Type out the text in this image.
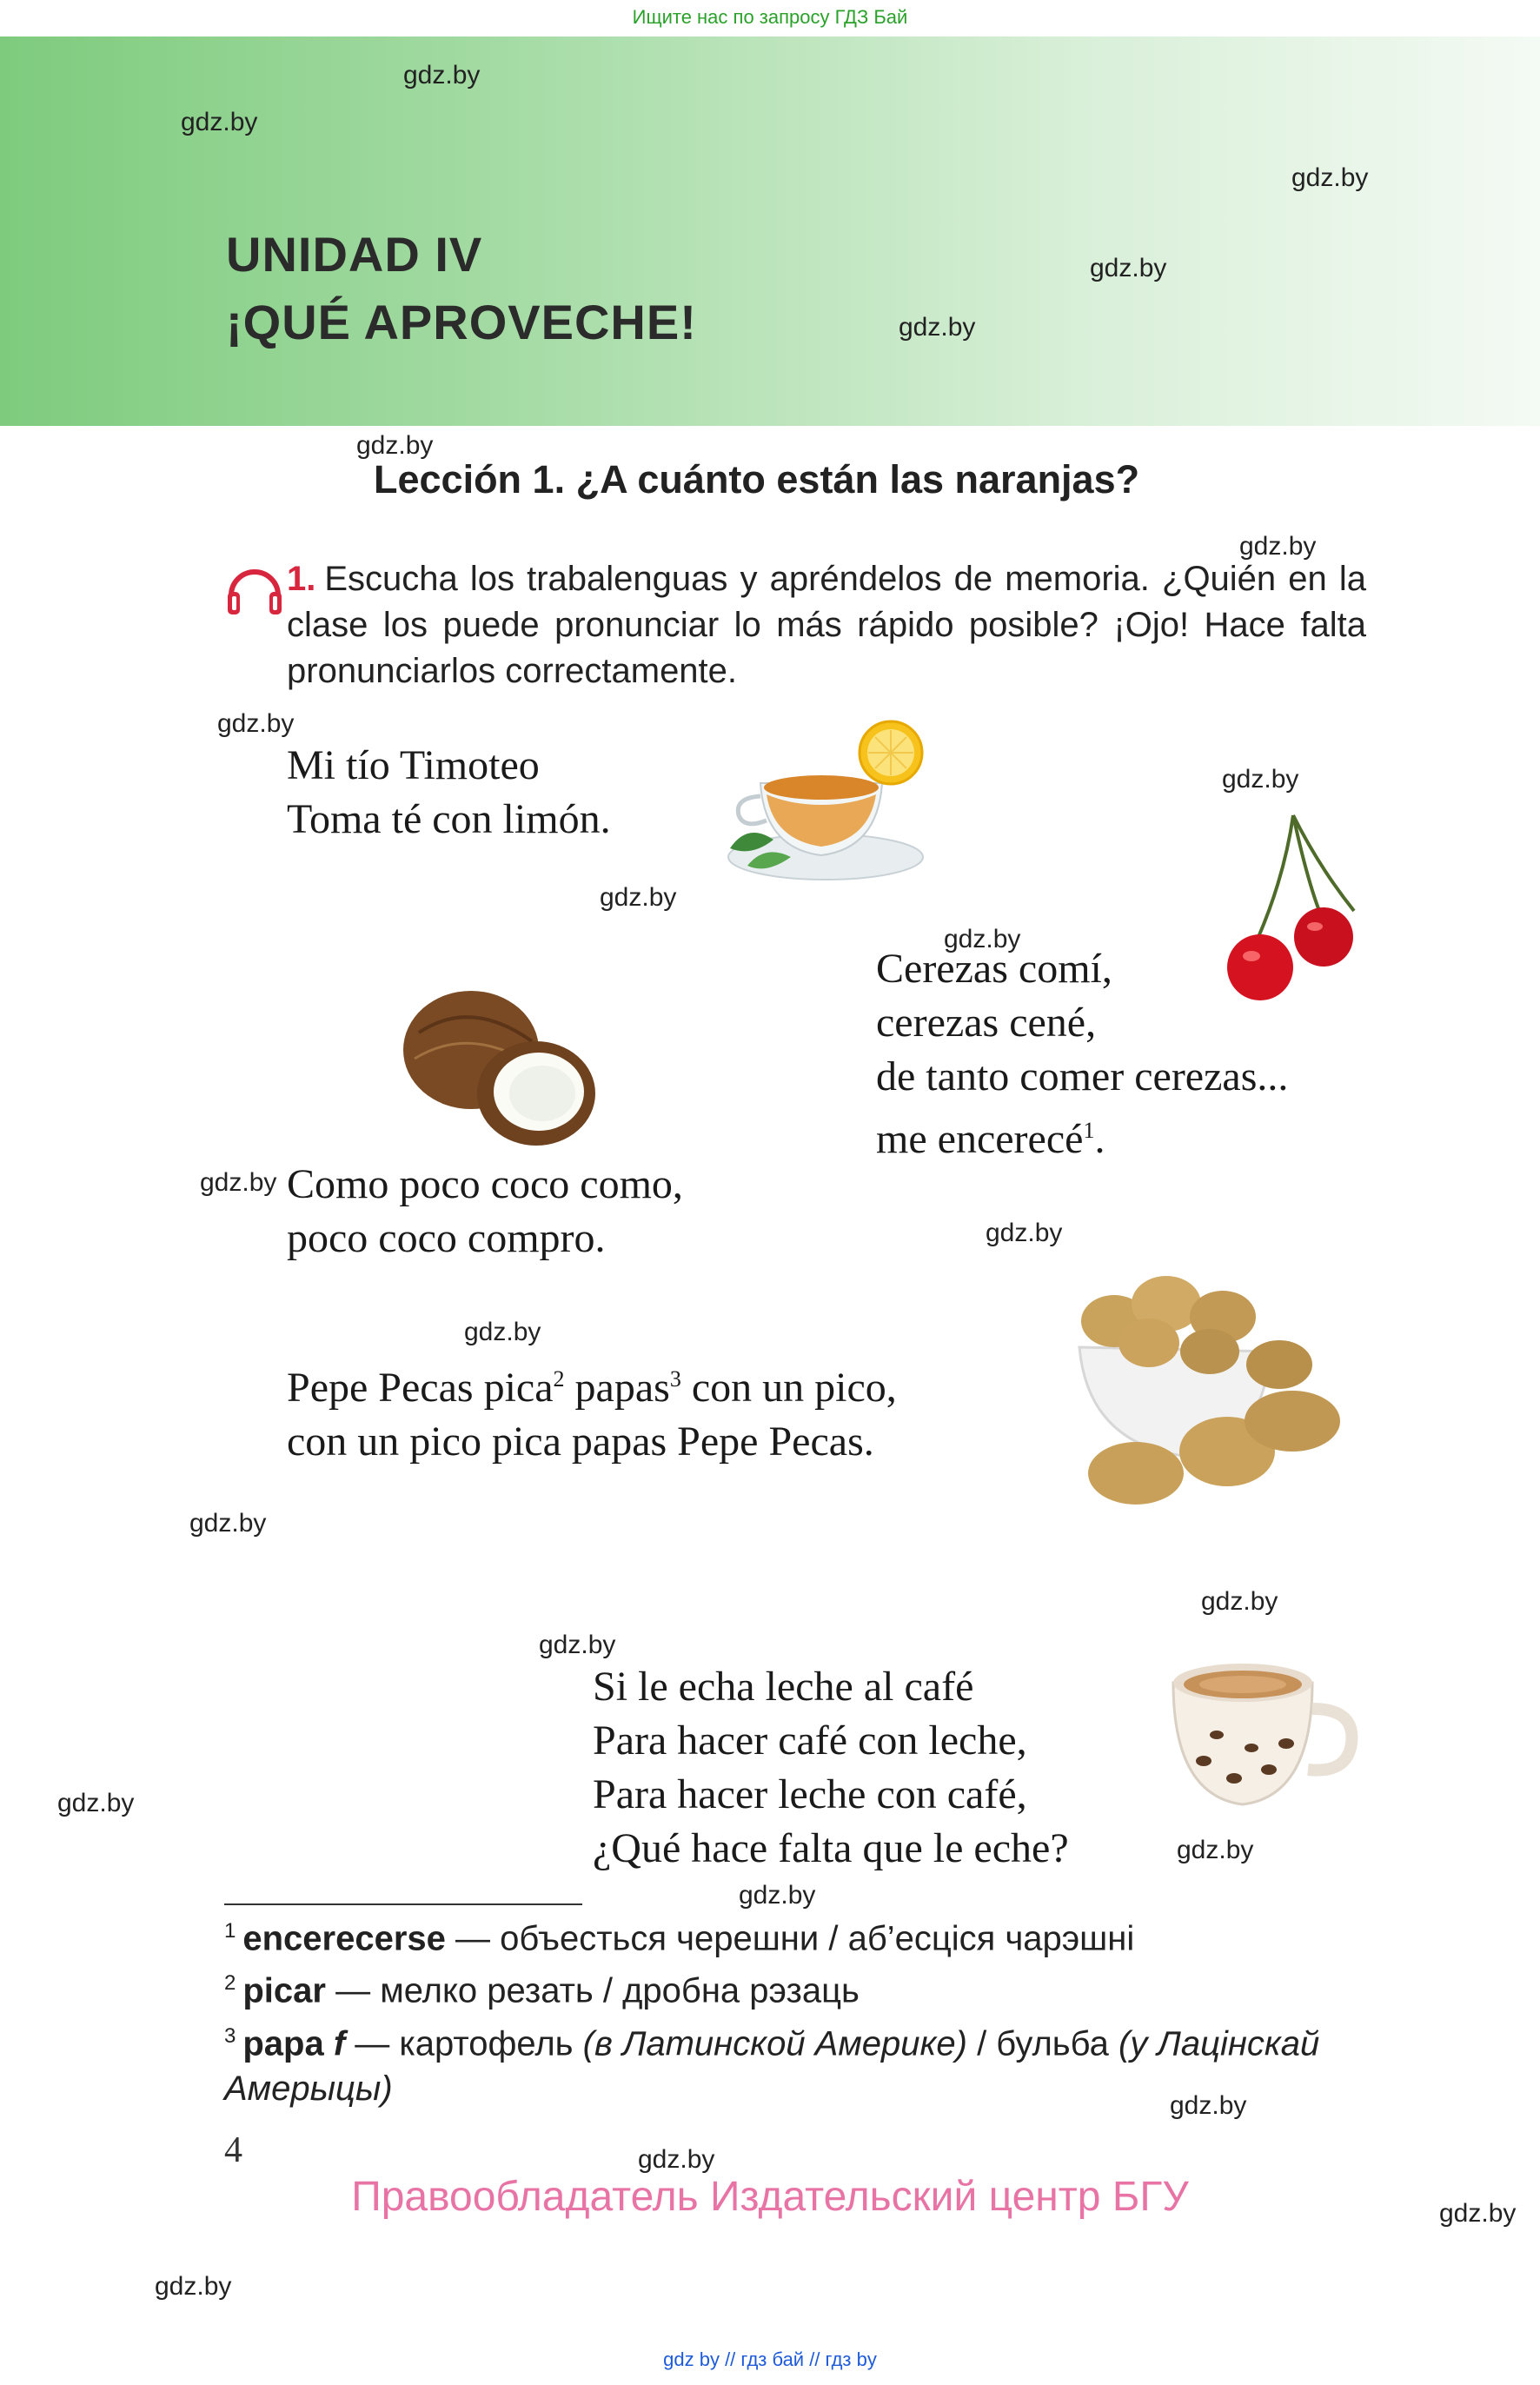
Ищите нас по запросу ГДЗ Бай
UNIDAD IV
¡QUÉ APROVECHE!
Lección 1. ¿A cuánto están las naranjas?
1. Escucha los trabalenguas y apréndelos de memoria. ¿Quién en la clase los puede pronunciar lo más rápido posible? ¡Ojo! Hace falta pronunciarlos correctamente.
Mi tío Timoteo
Toma té con limón.
Cerezas comí,
cerezas cené,
de tanto comer cerezas...
me encerecé$^1$.
Como poco coco como,
poco coco compro.
Pepe Pecas pica$^2$ papas$^3$ con un pico,
con un pico pica papas Pepe Pecas.
Si le echa leche al café
Para hacer café con leche,
Para hacer leche con café,
¿Qué hace falta que le eche?
$^1$ encerecerse — объесться черешни / аб’есціся чарэшні
$^2$ picar — мелко резать / дробна рэзаць
$^3$ papa f — картофель (в Латинской Америке) / бульба (у Лацінскай Амерыцы)
4
Правообладатель Издательский центр БГУ
gdz by // гдз бай // гдз by
gdz.by
gdz.by
gdz.by
gdz.by
gdz.by
gdz.by
gdz.by
gdz.by
gdz.by
gdz.by
gdz.by
gdz.by
gdz.by
gdz.by
gdz.by
gdz.by
gdz.by
gdz.by
gdz.by
gdz.by
gdz.by
gdz.by
gdz.by
gdz.by
